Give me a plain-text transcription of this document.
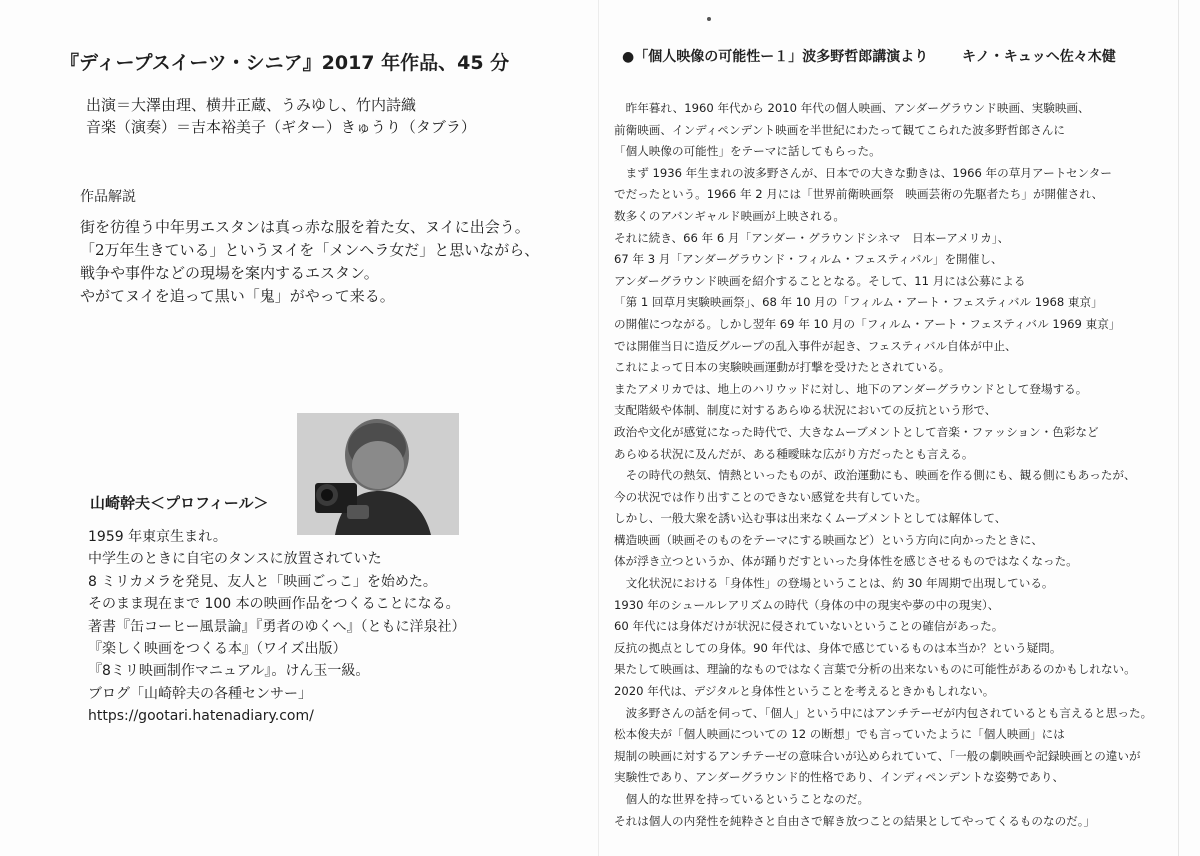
『ディープスイーツ・シニア』2017 年作品、45 分
出演＝大澤由理、横井正蔵、うみゆし、竹内詩織
音楽（演奏）＝吉本裕美子（ギター）きゅうり（タブラ）
作品解説
街を彷徨う中年男エスタンは真っ赤な服を着た女、ヌイに出会う。
「2万年生きている」というヌイを「メンヘラ女だ」と思いながら、
戦争や事件などの現場を案内するエスタン。
やがてヌイを追って黒い「鬼」がやって来る。
山崎幹夫＜プロフィール＞
1959 年東京生まれ。
中学生のときに自宅のタンスに放置されていた
8 ミリカメラを発見、友人と「映画ごっこ」を始めた。
そのまま現在まで 100 本の映画作品をつくることになる。
著書『缶コーヒー風景論』『勇者のゆくへ』（ともに洋泉社）
『楽しく映画をつくる本』（ワイズ出版）
『8ミリ映画制作マニュアル』。けん玉一級。
ブログ「山崎幹夫の各種センサー」
https://gootari.hatenadiary.com/
●「個人映像の可能性ー１」波多野哲郎講演より キノ・キュッヘ佐々木健
　昨年暮れ、1960 年代から 2010 年代の個人映画、アンダーグラウンド映画、実験映画、
前衛映画、インディペンデント映画を半世紀にわたって観てこられた波多野哲郎さんに
「個人映像の可能性」をテーマに話してもらった。
　まず 1936 年生まれの波多野さんが、日本での大きな動きは、1966 年の草月アートセンター
でだったという。1966 年 2 月には「世界前衛映画祭　映画芸術の先駆者たち」が開催され、
数多くのアバンギャルド映画が上映される。
それに続き、66 年 6 月「アンダー・グラウンドシネマ　日本ーアメリカ」、
67 年 3 月「アンダーグラウンド・フィルム・フェスティバル」を開催し、
アンダーグラウンド映画を紹介することとなる。そして、11 月には公募による
「第 1 回草月実験映画祭」、68 年 10 月の「フィルム・アート・フェスティバル 1968 東京」
の開催につながる。しかし翌年 69 年 10 月の「フィルム・アート・フェスティバル 1969 東京」
では開催当日に造反グループの乱入事件が起き、フェスティバル自体が中止、
これによって日本の実験映画運動が打撃を受けたとされている。
またアメリカでは、地上のハリウッドに対し、地下のアンダーグラウンドとして登場する。
支配階級や体制、制度に対するあらゆる状況においての反抗という形で、
政治や文化が感覚になった時代で、大きなムーブメントとして音楽・ファッション・色彩など
あらゆる状況に及んだが、ある種曖昧な広がり方だったとも言える。
　その時代の熱気、情熱といったものが、政治運動にも、映画を作る側にも、観る側にもあったが、
今の状況では作り出すことのできない感覚を共有していた。
しかし、一般大衆を誘い込む事は出来なくムーブメントとしては解体して、
構造映画（映画そのものをテーマにする映画など）という方向に向かったときに、
体が浮き立つというか、体が踊りだすといった身体性を感じさせるものではなくなった。
　文化状況における「身体性」の登場ということは、約 30 年周期で出現している。
1930 年のシュールレアリズムの時代（身体の中の現実や夢の中の現実）、
60 年代には身体だけが状況に侵されていないということの確信があった。
反抗の拠点としての身体。90 年代は、身体で感じているものは本当か？という疑問。
果たして映画は、理論的なものではなく言葉で分析の出来ないものに可能性があるのかもしれない。
2020 年代は、デジタルと身体性ということを考えるときかもしれない。
　波多野さんの話を伺って、「個人」という中にはアンチテーゼが内包されているとも言えると思った。
松本俊夫が「個人映画についての 12 の断想」でも言っていたように「個人映画」には
規制の映画に対するアンチテーゼの意味合いが込められていて、「一般の劇映画や記録映画との違いが
実験性であり、アンダーグラウンド的性格であり、インディペンデントな姿勢であり、
　個人的な世界を持っているということなのだ。
それは個人の内発性を純粋さと自由さで解き放つことの結果としてやってくるものなのだ。」
